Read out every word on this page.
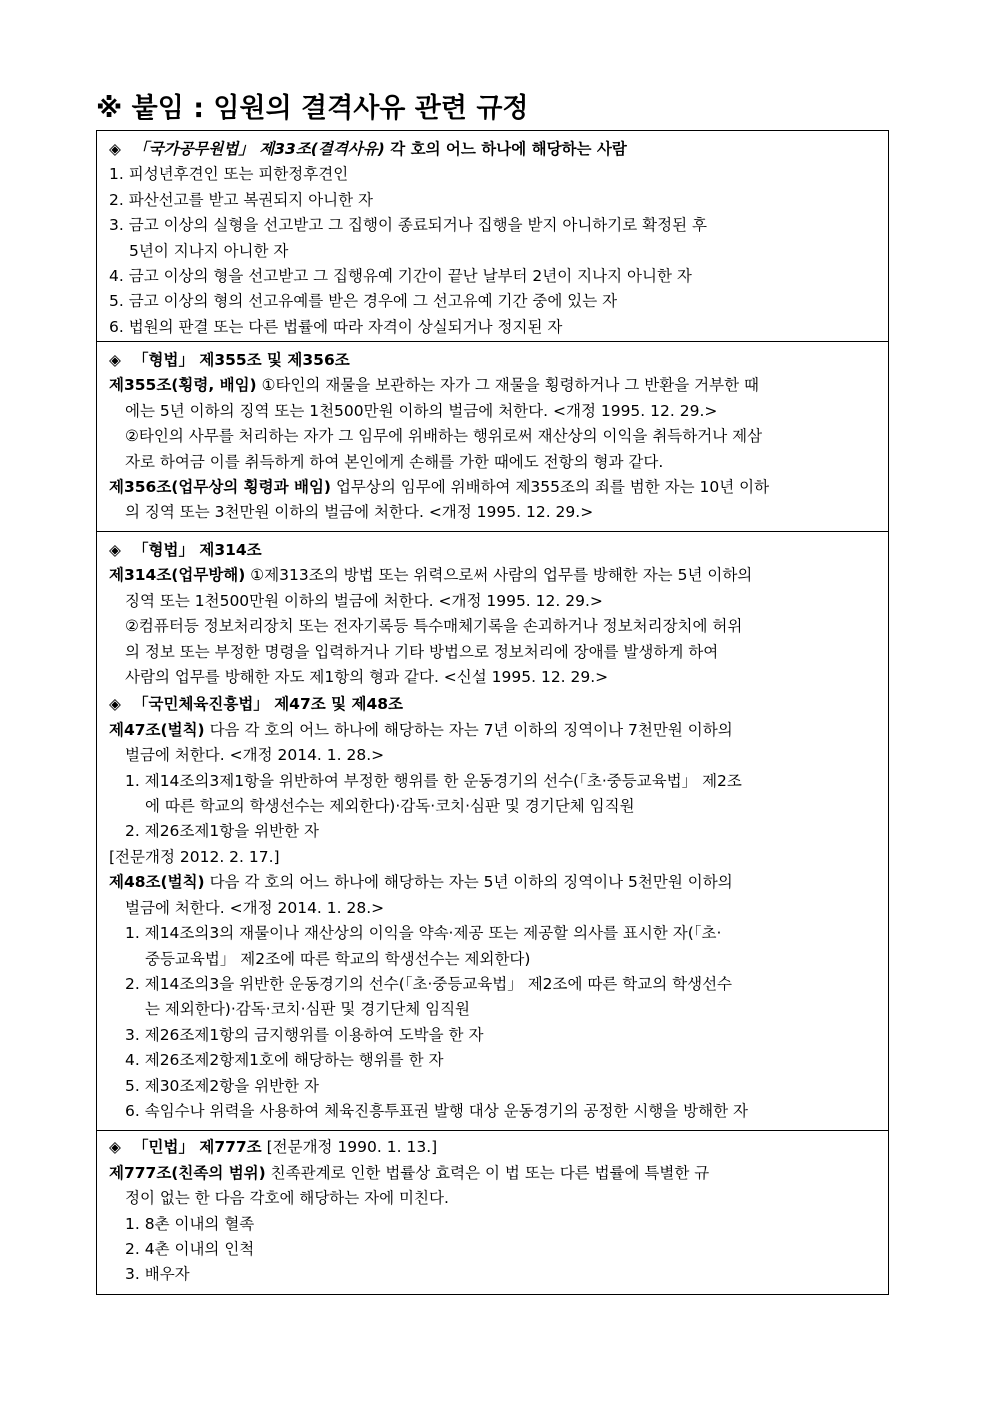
※ 붙임 : 임원의 결격사유 관련 규정
◈ 「국가공무원법」 제33조(결격사유) 각 호의 어느 하나에 해당하는 사람
1. 피성년후견인 또는 피한정후견인
2. 파산선고를 받고 복권되지 아니한 자
3. 금고 이상의 실형을 선고받고 그 집행이 종료되거나 집행을 받지 아니하기로 확정된 후
5년이 지나지 아니한 자
4. 금고 이상의 형을 선고받고 그 집행유예 기간이 끝난 날부터 2년이 지나지 아니한 자
5. 금고 이상의 형의 선고유예를 받은 경우에 그 선고유예 기간 중에 있는 자
6. 법원의 판결 또는 다른 법률에 따라 자격이 상실되거나 정지된 자
◈ 「형법」 제355조 및 제356조
제355조(횡령, 배임) ①타인의 재물을 보관하는 자가 그 재물을 횡령하거나 그 반환을 거부한 때
에는 5년 이하의 징역 또는 1천500만원 이하의 벌금에 처한다. <개정 1995. 12. 29.>
②타인의 사무를 처리하는 자가 그 임무에 위배하는 행위로써 재산상의 이익을 취득하거나 제삼
자로 하여금 이를 취득하게 하여 본인에게 손해를 가한 때에도 전항의 형과 같다.
제356조(업무상의 횡령과 배임) 업무상의 임무에 위배하여 제355조의 죄를 범한 자는 10년 이하
의 징역 또는 3천만원 이하의 벌금에 처한다. <개정 1995. 12. 29.>
◈ 「형법」 제314조
제314조(업무방해) ①제313조의 방법 또는 위력으로써 사람의 업무를 방해한 자는 5년 이하의
징역 또는 1천500만원 이하의 벌금에 처한다. <개정 1995. 12. 29.>
②컴퓨터등 정보처리장치 또는 전자기록등 특수매체기록을 손괴하거나 정보처리장치에 허위
의 정보 또는 부정한 명령을 입력하거나 기타 방법으로 정보처리에 장애를 발생하게 하여
사람의 업무를 방해한 자도 제1항의 형과 같다. <신설 1995. 12. 29.>
◈ 「국민체육진흥법」 제47조 및 제48조
제47조(벌칙) 다음 각 호의 어느 하나에 해당하는 자는 7년 이하의 징역이나 7천만원 이하의
벌금에 처한다. <개정 2014. 1. 28.>
1. 제14조의3제1항을 위반하여 부정한 행위를 한 운동경기의 선수(「초·중등교육법」 제2조
에 따른 학교의 학생선수는 제외한다)·감독·코치·심판 및 경기단체 임직원
2. 제26조제1항을 위반한 자
[전문개정 2012. 2. 17.]
제48조(벌칙) 다음 각 호의 어느 하나에 해당하는 자는 5년 이하의 징역이나 5천만원 이하의
벌금에 처한다. <개정 2014. 1. 28.>
1. 제14조의3의 재물이나 재산상의 이익을 약속·제공 또는 제공할 의사를 표시한 자(「초·
중등교육법」 제2조에 따른 학교의 학생선수는 제외한다)
2. 제14조의3을 위반한 운동경기의 선수(「초·중등교육법」 제2조에 따른 학교의 학생선수
는 제외한다)·감독·코치·심판 및 경기단체 임직원
3. 제26조제1항의 금지행위를 이용하여 도박을 한 자
4. 제26조제2항제1호에 해당하는 행위를 한 자
5. 제30조제2항을 위반한 자
6. 속임수나 위력을 사용하여 체육진흥투표권 발행 대상 운동경기의 공정한 시행을 방해한 자
◈ 「민법」 제777조 [전문개정 1990. 1. 13.]
제777조(친족의 범위) 친족관계로 인한 법률상 효력은 이 법 또는 다른 법률에 특별한 규
정이 없는 한 다음 각호에 해당하는 자에 미친다.
1. 8촌 이내의 혈족
2. 4촌 이내의 인척
3. 배우자
